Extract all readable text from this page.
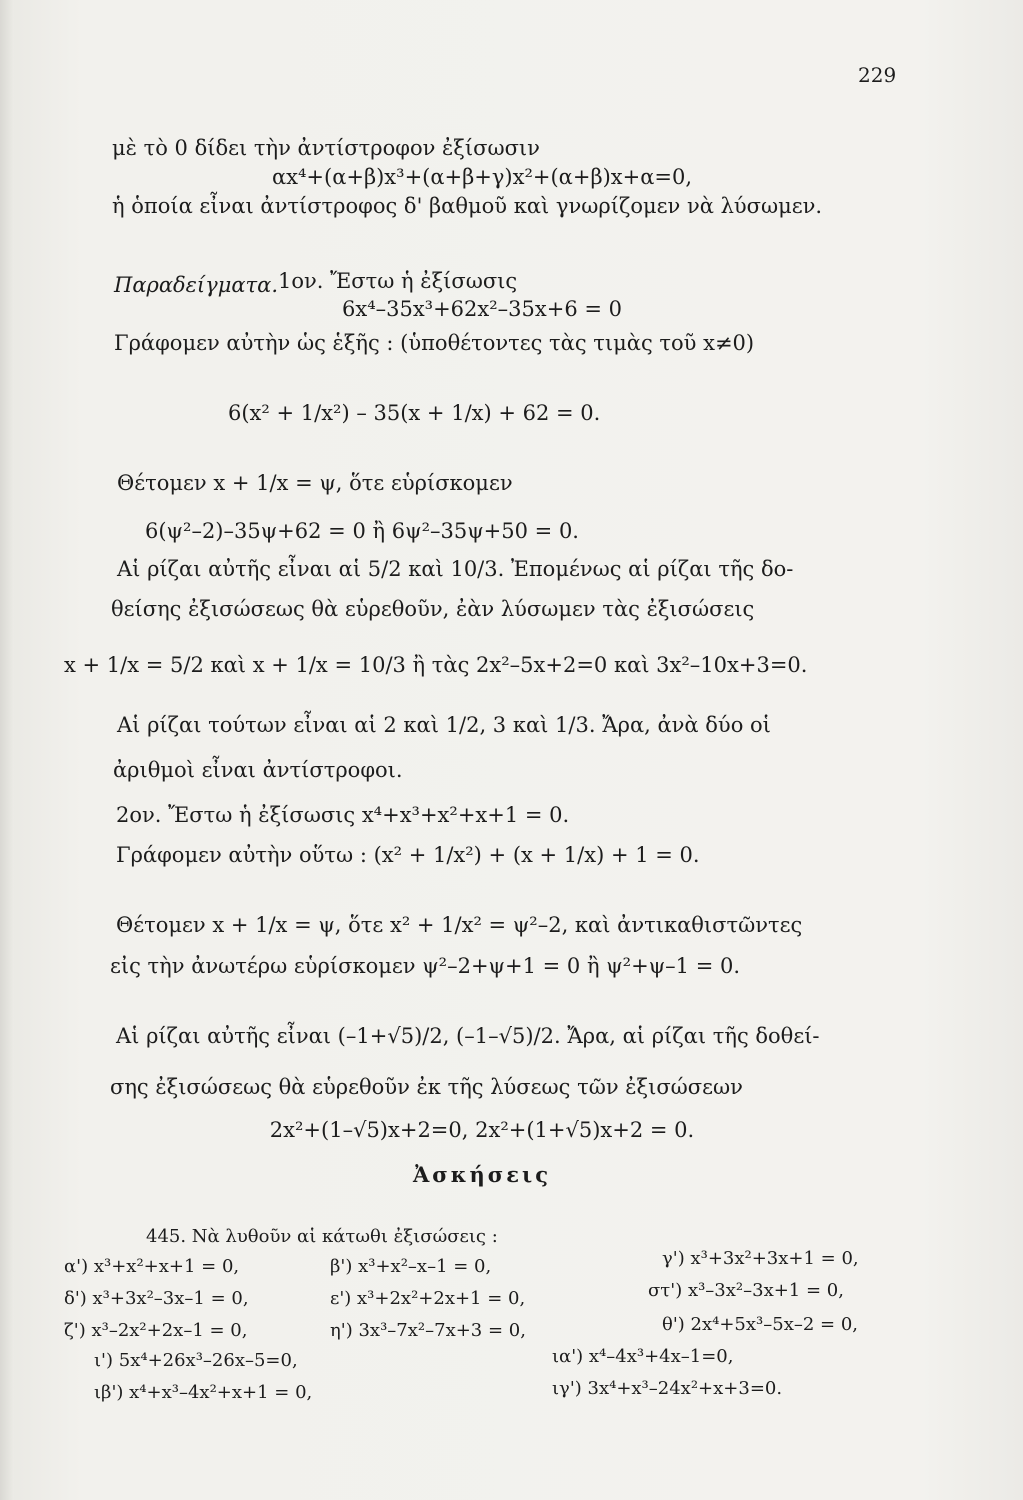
229
μὲ τὸ 0 δίδει τὴν ἀντίστροφον ἐξίσωσιν
αx⁴+(α+β)x³+(α+β+γ)x²+(α+β)x+α=0,
ἡ ὁποία εἶναι ἀντίστροφος δ' βαθμοῦ καὶ γνωρίζομεν νὰ λύσωμεν.
Παραδείγματα. 1ον. Ἔστω ἡ ἐξίσωσις
6x⁴–35x³+62x²–35x+6 = 0
Γράφομεν αὐτὴν ὡς ἑξῆς : (ὑποθέτοντες τὰς τιμὰς τοῦ x≠0)
6(x² + 1/x²) – 35(x + 1/x) + 62 = 0.
Θέτομεν x + 1/x = ψ, ὅτε εὑρίσκομεν
6(ψ²–2)–35ψ+62 = 0 ἢ 6ψ²–35ψ+50 = 0.
Αἱ ρίζαι αὐτῆς εἶναι αἱ 5/2 καὶ 10/3. Ἐπομένως αἱ ρίζαι τῆς δο-
θείσης ἐξισώσεως θὰ εὑρεθοῦν, ἐὰν λύσωμεν τὰς ἐξισώσεις
x + 1/x = 5/2 καὶ x + 1/x = 10/3 ἢ τὰς 2x²–5x+2=0 καὶ 3x²–10x+3=0.
Αἱ ρίζαι τούτων εἶναι αἱ 2 καὶ 1/2, 3 καὶ 1/3. Ἄρα, ἀνὰ δύο οἱ
ἀριθμοὶ εἶναι ἀντίστροφοι.
2ον. Ἔστω ἡ ἐξίσωσις x⁴+x³+x²+x+1 = 0.
Γράφομεν αὐτὴν οὕτω : (x² + 1/x²) + (x + 1/x) + 1 = 0.
Θέτομεν x + 1/x = ψ, ὅτε x² + 1/x² = ψ²–2, καὶ ἀντικαθιστῶντες
εἰς τὴν ἀνωτέρω εὑρίσκομεν ψ²–2+ψ+1 = 0 ἢ ψ²+ψ–1 = 0.
Αἱ ρίζαι αὐτῆς εἶναι (–1+√5)/2, (–1–√5)/2. Ἄρα, αἱ ρίζαι τῆς δοθεί-
σης ἐξισώσεως θὰ εὑρεθοῦν ἐκ τῆς λύσεως τῶν ἐξισώσεων
2x²+(1–√5)x+2=0, 2x²+(1+√5)x+2 = 0.
Ἀσκήσεις
445. Νὰ λυθοῦν αἱ κάτωθι ἐξισώσεις :
α') x³+x²+x+1 = 0,	β') x³+x²–x–1 = 0,	γ') x³+3x²+3x+1 = 0,
δ') x³+3x²–3x–1 = 0,	ε') x³+2x²+2x+1 = 0,	στ') x³–3x²–3x+1 = 0,
ζ') x³–2x²+2x–1 = 0,	η') 3x³–7x²–7x+3 = 0,	θ') 2x⁴+5x³–5x–2 = 0,
ι') 5x⁴+26x³–26x–5=0,	ια') x⁴–4x³+4x–1=0,
ιβ') x⁴+x³–4x²+x+1 = 0,	ιγ') 3x⁴+x³–24x²+x+3=0.
